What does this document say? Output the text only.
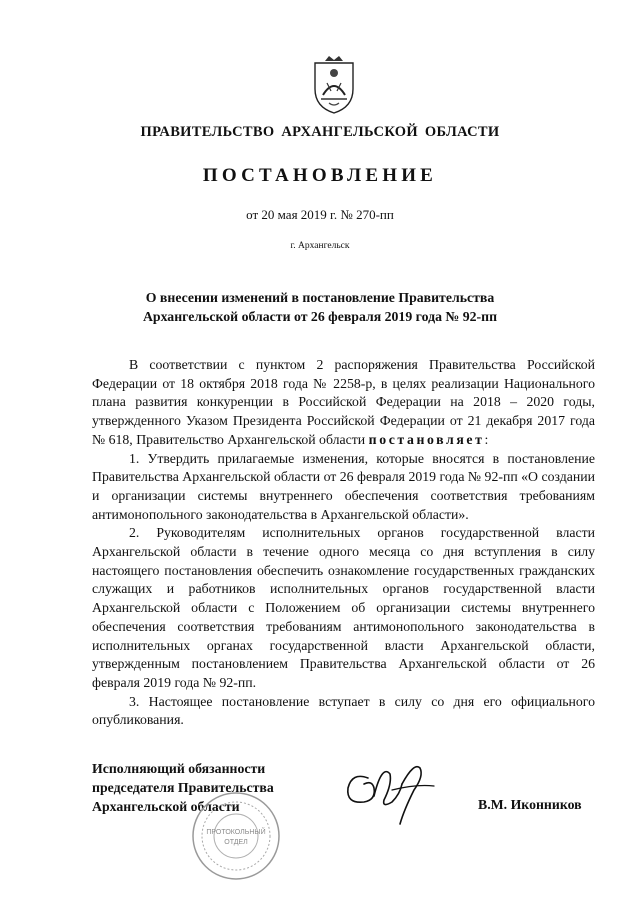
ПРАВИТЕЛЬСТВО АРХАНГЕЛЬСКОЙ ОБЛАСТИ
ПОСТАНОВЛЕНИЕ
от 20 мая 2019 г. № 270-пп
г. Архангельск
О внесении изменений в постановление Правительства
Архангельской области от 26 февраля 2019 года № 92-пп

В соответствии с пунктом 2 распоряжения Правительства Российской Федерации от 18 октября 2018 года № 2258-р, в целях реализации Национального плана развития конкуренции в Российской Федерации на 2018 – 2020 годы, утвержденного Указом Президента Российской Федерации от 21 декабря 2017 года № 618, Правительство Архангельской области постановляет:

1. Утвердить прилагаемые изменения, которые вносятся в постановление Правительства Архангельской области от 26 февраля 2019 года № 92-пп «О создании и организации системы внутреннего обеспечения соответствия требованиям антимонопольного законодательства в Архангельской области».

2. Руководителям исполнительных органов государственной власти Архангельской области в течение одного месяца со дня вступления в силу настоящего постановления обеспечить ознакомление государственных гражданских служащих и работников исполнительных органов государственной власти Архангельской области с Положением об организации системы внутреннего обеспечения соответствия требованиям антимонопольного законодательства в исполнительных органах государственной власти Архангельской области, утвержденным постановлением Правительства Архангельской области от 26 февраля 2019 года № 92-пп.

3. Настоящее постановление вступает в силу со дня его официального опубликования.

Исполняющий обязанности
председателя Правительства
Архангельской области
ПРОТОКОЛЬНЫЙ
ОТДЕЛ
В.М. Иконников
